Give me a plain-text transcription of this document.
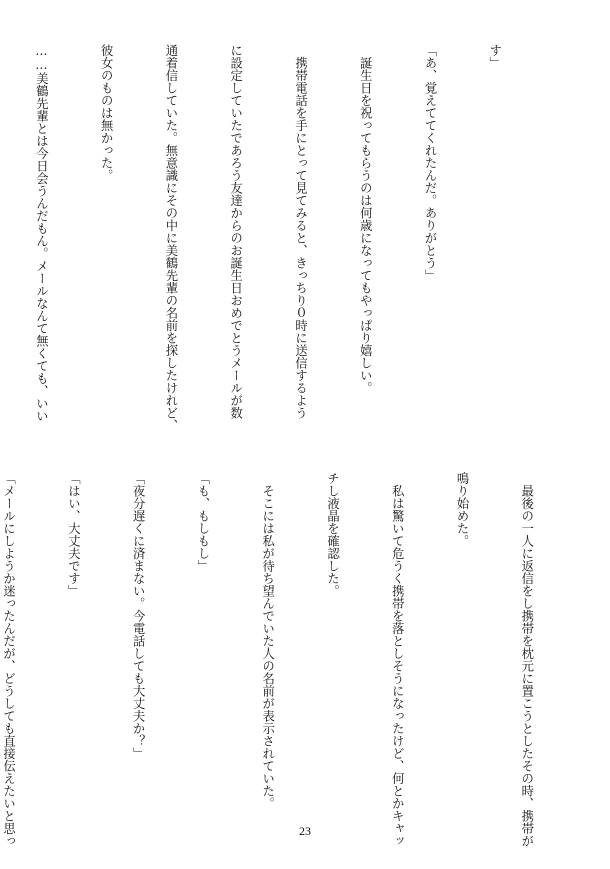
す」

「あ、覚えててくれたんだ。ありがとう」

　誕生日を祝ってもらうのは何歳になってもやっぱり嬉しい。

　携帯電話を手にとって見てみると、きっちり０時に送信するよう

に設定していたであろう友達からのお誕生日おめでとうメールが数

通着信していた。無意識にその中に美鶴先輩の名前を探したけれど、

彼女のものは無かった。

……美鶴先輩とは今日会うんだもん。メールなんて無くても、いい

　最後の一人に返信をし携帯を枕元に置こうとしたその時、携帯が

鳴り始めた。

　私は驚いて危うく携帯を落としそうになったけど、何とかキャッ

チし液晶を確認した。

　そこには私が待ち望んでいた人の名前が表示されていた。

「も、もしもし」

「夜分遅くに済まない。今電話しても大丈夫か？」

「はい、大丈夫です」

「メールにしようか迷ったんだが、どうしても直接伝えたいと思っ

	23
